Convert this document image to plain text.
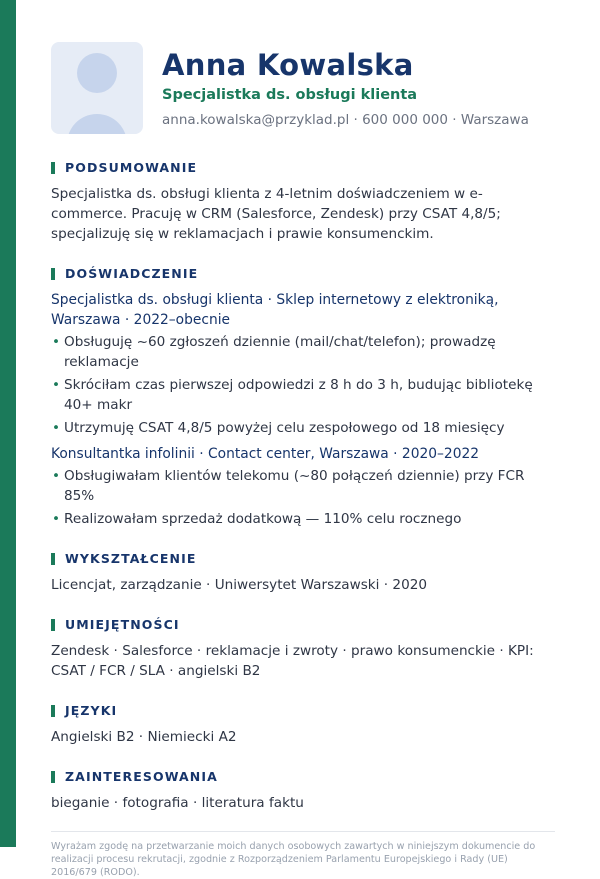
Anna Kowalska
Specjalistka ds. obsługi klienta
anna.kowalska@przyklad.pl · 600 000 000 · Warszawa
PODSUMOWANIE
Specjalistka ds. obsługi klienta z 4-letnim doświadczeniem w e-commerce. Pracuję w CRM (Salesforce, Zendesk) przy CSAT 4,8/5; specjalizuję się w reklamacjach i prawie konsumenckim.
DOŚWIADCZENIE
Specjalistka ds. obsługi klienta · Sklep internetowy z elektroniką, Warszawa · 2022–obecnie
• Obsługuję ~60 zgłoszeń dziennie (mail/chat/telefon); prowadzę reklamacje
• Skróciłam czas pierwszej odpowiedzi z 8 h do 3 h, budując bibliotekę 40+ makr
• Utrzymuję CSAT 4,8/5 powyżej celu zespołowego od 18 miesięcy
Konsultantka infolinii · Contact center, Warszawa · 2020–2022
• Obsługiwałam klientów telekomu (~80 połączeń dziennie) przy FCR 85%
• Realizowałam sprzedaż dodatkową — 110% celu rocznego
WYKSZTAŁCENIE
Licencjat, zarządzanie · Uniwersytet Warszawski · 2020
UMIEJĘTNOŚCI
Zendesk · Salesforce · reklamacje i zwroty · prawo konsumenckie · KPI: CSAT / FCR / SLA · angielski B2
JĘZYKI
Angielski B2 · Niemiecki A2
ZAINTERESOWANIA
bieganie · fotografia · literatura faktu
Wyrażam zgodę na przetwarzanie moich danych osobowych zawartych w niniejszym dokumencie do realizacji procesu rekrutacji, zgodnie z Rozporządzeniem Parlamentu Europejskiego i Rady (UE) 2016/679 (RODO).
